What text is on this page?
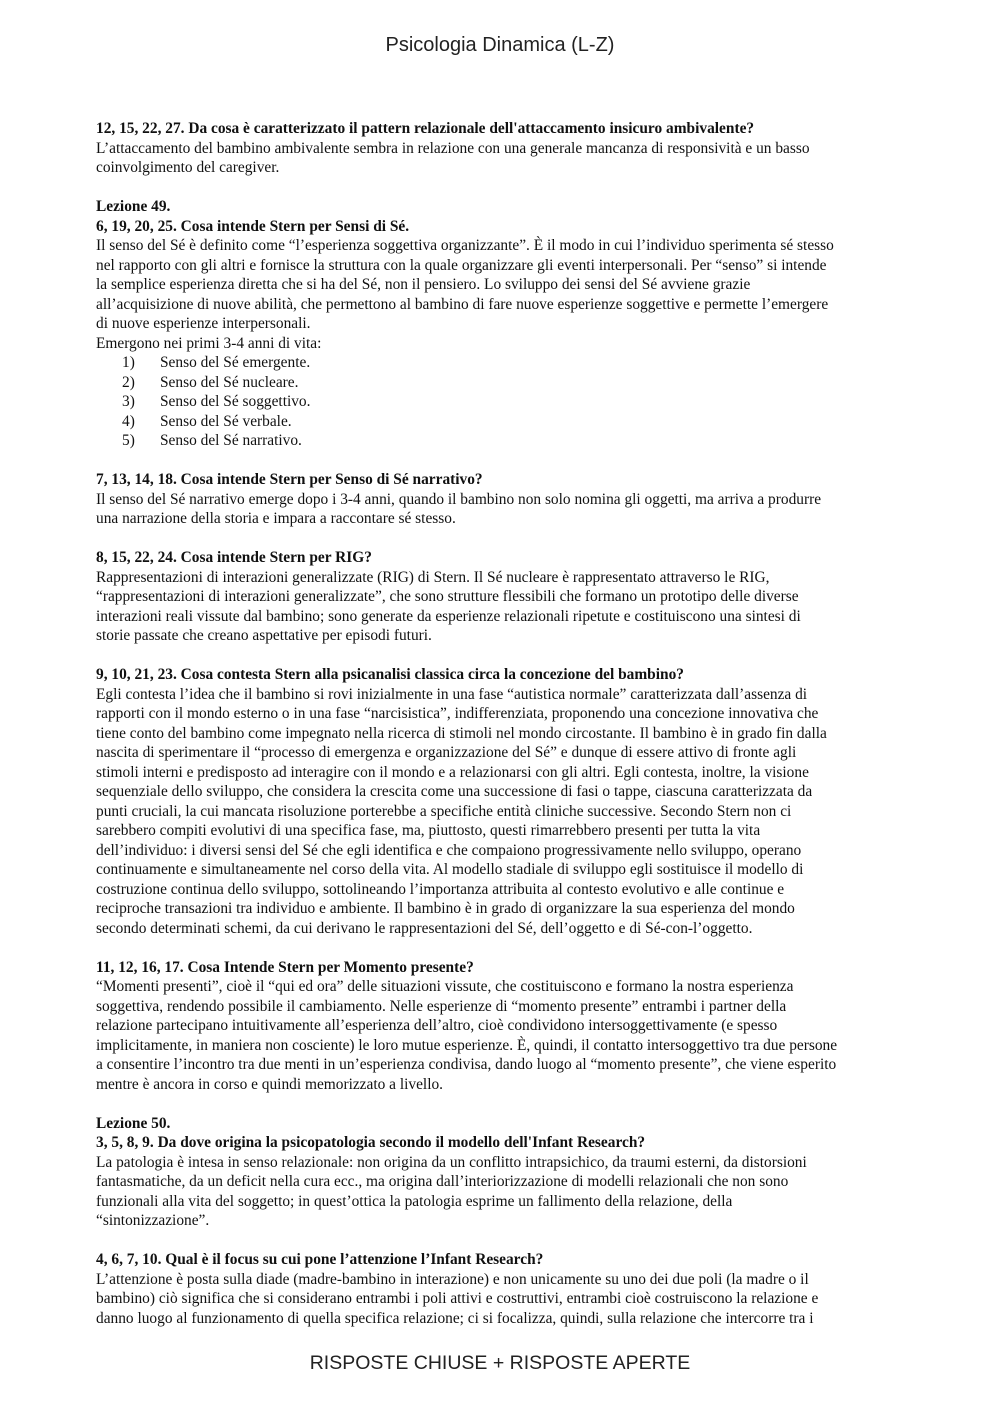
Psicologia Dinamica (L-Z)
12, 15, 22, 27. Da cosa è caratterizzato il pattern relazionale dell'attaccamento insicuro ambivalente?
L’attaccamento del bambino ambivalente sembra in relazione con una generale mancanza di responsività e un basso
coinvolgimento del caregiver.
Lezione 49.
6, 19, 20, 25. Cosa intende Stern per Sensi di Sé.
Il senso del Sé è definito come “l’esperienza soggettiva organizzante”. È il modo in cui l’individuo sperimenta sé stesso
nel rapporto con gli altri e fornisce la struttura con la quale organizzare gli eventi interpersonali. Per “senso” si intende
la semplice esperienza diretta che si ha del Sé, non il pensiero. Lo sviluppo dei sensi del Sé avviene grazie
all’acquisizione di nuove abilità, che permettono al bambino di fare nuove esperienze soggettive e permette l’emergere
di nuove esperienze interpersonali.
Emergono nei primi 3-4 anni di vita:
1) Senso del Sé emergente.
2) Senso del Sé nucleare.
3) Senso del Sé soggettivo.
4) Senso del Sé verbale.
5) Senso del Sé narrativo.
7, 13, 14, 18. Cosa intende Stern per Senso di Sé narrativo?
Il senso del Sé narrativo emerge dopo i 3-4 anni, quando il bambino non solo nomina gli oggetti, ma arriva a produrre
una narrazione della storia e impara a raccontare sé stesso.
8, 15, 22, 24. Cosa intende Stern per RIG?
Rappresentazioni di interazioni generalizzate (RIG) di Stern. Il Sé nucleare è rappresentato attraverso le RIG,
“rappresentazioni di interazioni generalizzate”, che sono strutture flessibili che formano un prototipo delle diverse
interazioni reali vissute dal bambino; sono generate da esperienze relazionali ripetute e costituiscono una sintesi di
storie passate che creano aspettative per episodi futuri.
9, 10, 21, 23. Cosa contesta Stern alla psicanalisi classica circa la concezione del bambino?
Egli contesta l’idea che il bambino si rovi inizialmente in una fase “autistica normale” caratterizzata dall’assenza di
rapporti con il mondo esterno o in una fase “narcisistica”, indifferenziata, proponendo una concezione innovativa che
tiene conto del bambino come impegnato nella ricerca di stimoli nel mondo circostante. Il bambino è in grado fin dalla
nascita di sperimentare il “processo di emergenza e organizzazione del Sé” e dunque di essere attivo di fronte agli
stimoli interni e predisposto ad interagire con il mondo e a relazionarsi con gli altri. Egli contesta, inoltre, la visione
sequenziale dello sviluppo, che considera la crescita come una successione di fasi o tappe, ciascuna caratterizzata da
punti cruciali, la cui mancata risoluzione porterebbe a specifiche entità cliniche successive. Secondo Stern non ci
sarebbero compiti evolutivi di una specifica fase, ma, piuttosto, questi rimarrebbero presenti per tutta la vita
dell’individuo: i diversi sensi del Sé che egli identifica e che compaiono progressivamente nello sviluppo, operano
continuamente e simultaneamente nel corso della vita. Al modello stadiale di sviluppo egli sostituisce il modello di
costruzione continua dello sviluppo, sottolineando l’importanza attribuita al contesto evolutivo e alle continue e
reciproche transazioni tra individuo e ambiente. Il bambino è in grado di organizzare la sua esperienza del mondo
secondo determinati schemi, da cui derivano le rappresentazioni del Sé, dell’oggetto e di Sé-con-l’oggetto.
11, 12, 16, 17. Cosa Intende Stern per Momento presente?
“Momenti presenti”, cioè il “qui ed ora” delle situazioni vissute, che costituiscono e formano la nostra esperienza
soggettiva, rendendo possibile il cambiamento. Nelle esperienze di “momento presente” entrambi i partner della
relazione partecipano intuitivamente all’esperienza dell’altro, cioè condividono intersoggettivamente (e spesso
implicitamente, in maniera non cosciente) le loro mutue esperienze. È, quindi, il contatto intersoggettivo tra due persone
a consentire l’incontro tra due menti in un’esperienza condivisa, dando luogo al “momento presente”, che viene esperito
mentre è ancora in corso e quindi memorizzato a livello.
Lezione 50.
3, 5, 8, 9. Da dove origina la psicopatologia secondo il modello dell'Infant Research?
La patologia è intesa in senso relazionale: non origina da un conflitto intrapsichico, da traumi esterni, da distorsioni
fantasmatiche, da un deficit nella cura ecc., ma origina dall’interiorizzazione di modelli relazionali che non sono
funzionali alla vita del soggetto; in quest’ottica la patologia esprime un fallimento della relazione, della
“sintonizzazione”.
4, 6, 7, 10. Qual è il focus su cui pone l’attenzione l’Infant Research?
L’attenzione è posta sulla diade (madre-bambino in interazione) e non unicamente su uno dei due poli (la madre o il
bambino) ciò significa che si considerano entrambi i poli attivi e costruttivi, entrambi cioè costruiscono la relazione e
danno luogo al funzionamento di quella specifica relazione; ci si focalizza, quindi, sulla relazione che intercorre tra i
RISPOSTE CHIUSE + RISPOSTE APERTE
